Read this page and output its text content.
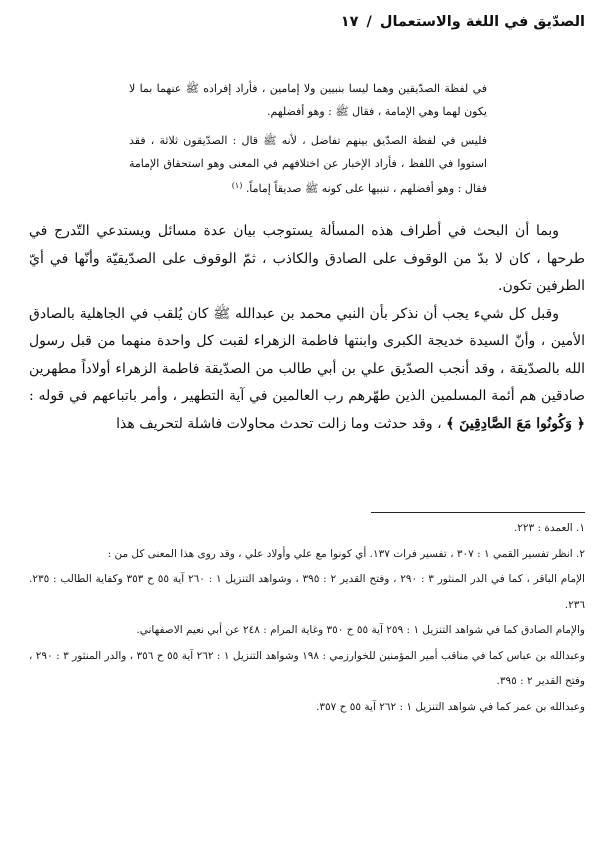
الصدّيق في اللغة والاستعمال / ١٧

في لفظة الصدّيقين وهما ليسا بنبيين ولا إمامين ، فأراد إفراده ﷺ عنهما بما لا يكون لهما وهي الإمامة ، فقال ﷺ : وهو أفضلهم.

فليس في لفظة الصدّيق بينهم تفاضل ، لأنه ﷺ قال : الصدّيقون ثلاثة ، فقد استووا في اللفظ ، فأراد الإخبار عن اختلافهم في المعنى وهو استحقاق الإمامة فقال : وهو أفضلهم ، تنبيها على كونه ﷺ صديقاً إماماً. $^{(١)}$

وبما أن البحث في أطراف هذه المسألة يستوجب بيان عدة مسائل ويستدعي التّدرج في طرحها ، كان لا بدّ من الوقوف على الصادق والكاذب ، ثمّ الوقوف على الصدّيقيّة وأنّها في أيّ الطرفين تكون.

وقبل كل شيء يجب أن نذكر بأن النبي محمد بن عبدالله ﷺ كان يُلقب في الجاهلية بالصادق الأمين ، وأنّ السيدة خديجة الكبرى وابنتها فاطمة الزهراء لقبت كل واحدة منهما من قبل رسول الله بالصدّيقة ، وقد أنجب الصدّيق علي بن أبي طالب من الصدّيقة فاطمة الزهراء أولاداً مطهرين صادقين هم أئمة المسلمين الذين طهّرهم رب العالمين في آية التطهير ، وأمر باتباعهم في قوله : ﴿ وَكُونُوا مَعَ الصَّادِقِينَ ﴾ ، وقد حدثت وما زالت تحدث محاولات فاشلة لتحريف هذا

١. العمدة : ٢٢٣.

٢. انظر تفسير القمي ١ : ٣٠٧ ، تفسير فرات ١٣٧. أي كونوا مع علي وأولاد علي ، وقد روى هذا المعنى كل من :

الإمام الباقر ، كما في الدر المنثور ٣ : ٢٩٠ ، وفتح القدير ٢ : ٣٩٥ ، وشواهد التنزيل ١ : ٢٦٠ آية ٥٥ ح ٣٥٣ وكفاية الطالب : ٢٣٥. ٢٣٦.

والإمام الصادق كما في شواهد التنزيل ١ : ٢٥٩ آية ٥٥ ح ٣٥٠ وغاية المرام : ٢٤٨ عن أبي نعيم الاصفهاني.

وعبدالله بن عباس كما في مناقب أمير المؤمنين للخوارزمي : ١٩٨ وشواهد التنزيل ١ : ٢٦٢ آية ٥٥ ح ٣٥٦ ، والدر المنثور ٣ : ٢٩٠ ، وفتح القدير ٢ : ٣٩٥.

وعبدالله بن عمر كما في شواهد التنزيل ١ : ٢٦٢ آية ٥٥ ح ٣٥٧.
